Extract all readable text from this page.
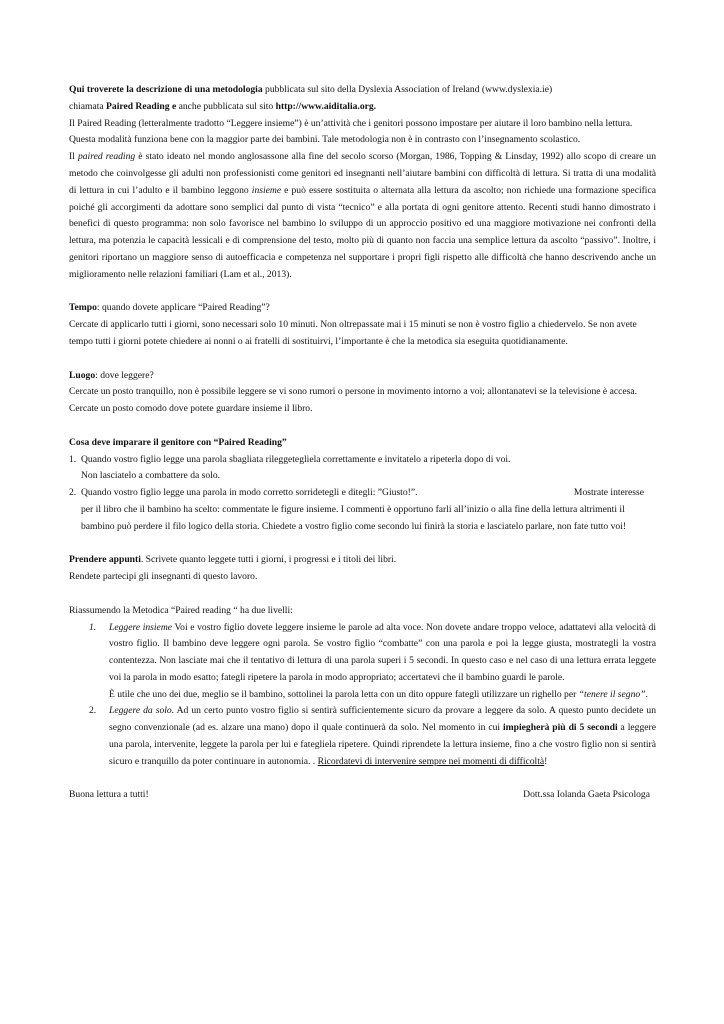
Qui troverete la descrizione di una metodologia pubblicata sul sito della Dyslexia Association of Ireland (www.dyslexia.ie)

chiamata Paired Reading e anche pubblicata sul sito http://www.aiditalia.org.

Il Paired Reading (letteralmente tradotto “Leggere insieme”) è un’attività che i genitori possono impostare per aiutare il loro bambino nella lettura.

Questa modalità funziona bene con la maggior parte dei bambini. Tale metodologia non è in contrasto con l’insegnamento scolastico.

Il paired reading è stato ideato nel mondo anglosassone alla fine del secolo scorso (Morgan, 1986, Topping & Linsday, 1992) allo scopo di creare un metodo che coinvolgesse gli adulti non professionisti come genitori ed insegnanti nell’aiutare bambini con difficoltà di lettura. Si tratta di una modalità di lettura in cui l’adulto e il bambino leggono insieme e può essere sostituita o alternata alla lettura da ascolto; non richiede una formazione specifica poiché gli accorgimenti da adottare sono semplici dal punto di vista “tecnico” e alla portata di ogni genitore attento. Recenti studi hanno dimostrato i benefici di questo programma: non solo favorisce nel bambino lo sviluppo di un approccio positivo ed una maggiore motivazione nei confronti della lettura, ma potenzia le capacità lessicali e di comprensione del testo, molto più di quanto non faccia una semplice lettura da ascolto “passivo”. Inoltre, i genitori riportano un maggiore senso di autoefficacia e competenza nel supportare i propri figli rispetto alle difficoltà che hanno descrivendo anche un miglioramento nelle relazioni familiari (Lam et al., 2013).

Tempo: quando dovete applicare “Paired Reading”?

Cercate di applicarlo tutti i giorni, sono necessari solo 10 minuti. Non oltrepassate mai i 15 minuti se non è vostro figlio a chiedervelo. Se non avete tempo tutti i giorni potete chiedere ai nonni o ai fratelli di sostituirvi, l’importante è che la metodica sia eseguita quotidianamente.

Luogo: dove leggere?

Cercate un posto tranquillo, non è possibile leggere se vi sono rumori o persone in movimento intorno a voi; allontanatevi se la televisione è accesa.

Cercate un posto comodo dove potete guardare insieme il libro.

Cosa deve imparare il genitore con “Paired Reading”

1. Quando vostro figlio legge una parola sbagliata rileggetegliela correttamente e invitatelo a ripeterla dopo di voi.

Non lasciatelo a combattere da solo.

2. Quando vostro figlio legge una parola in modo corretto sorridetegli e ditegli: ”Giusto!”.	Mostrate interesse

per il libro che il bambino ha scelto: commentate le figure insieme. I commenti è opportuno farli all’inizio o alla fine della lettura altrimenti il

bambino può perdere il filo logico della storia. Chiedete a vostro figlio come secondo lui finirà la storia e lasciatelo parlare, non fate tutto voi!

Prendere appunti. Scrivete quanto leggete tutti i giorni, i progressi e i titoli dei libri.

Rendete partecipi gli insegnanti di questo lavoro.

Riassumendo la Metodica “Paired reading “ ha due livelli:

1.	Leggere insieme Voi e vostro figlio dovete leggere insieme le parole ad alta voce. Non dovete andare troppo veloce, adattatevi alla velocità di vostro figlio. Il bambino deve leggere ogni parola. Se vostro figlio “combatte” con una parola e poi la legge giusta, mostrategli la vostra contentezza. Non lasciate mai che il tentativo di lettura di una parola superi i 5 secondi. In questo caso e nel caso di una lettura errata leggete voi la parola in modo esatto; fategli ripetere la parola in modo appropriato; accertatevi che il bambino guardi le parole.

È utile che uno dei due, meglio se il bambino, sottolinei la parola letta con un dito oppure fategli utilizzare un righello per “tenere il segno”.

2.	Leggere da solo. Ad un certo punto vostro figlio si sentirà sufficientemente sicuro da provare a leggere da solo. A questo punto decidete un segno convenzionale (ad es. alzare una mano) dopo il quale continuerà da solo. Nel momento in cui impiegherà più di 5 secondi a leggere una parola, intervenite, leggete la parola per lui e fategliela ripetere. Quindi riprendete la lettura insieme, fino a che vostro figlio non si sentirà sicuro e tranquillo da poter continuare in autonomia. . Ricordatevi di intervenire sempre nei momenti di difficoltà!

Buona lettura a tutti!	Dott.ssa Iolanda Gaeta Psicologa
